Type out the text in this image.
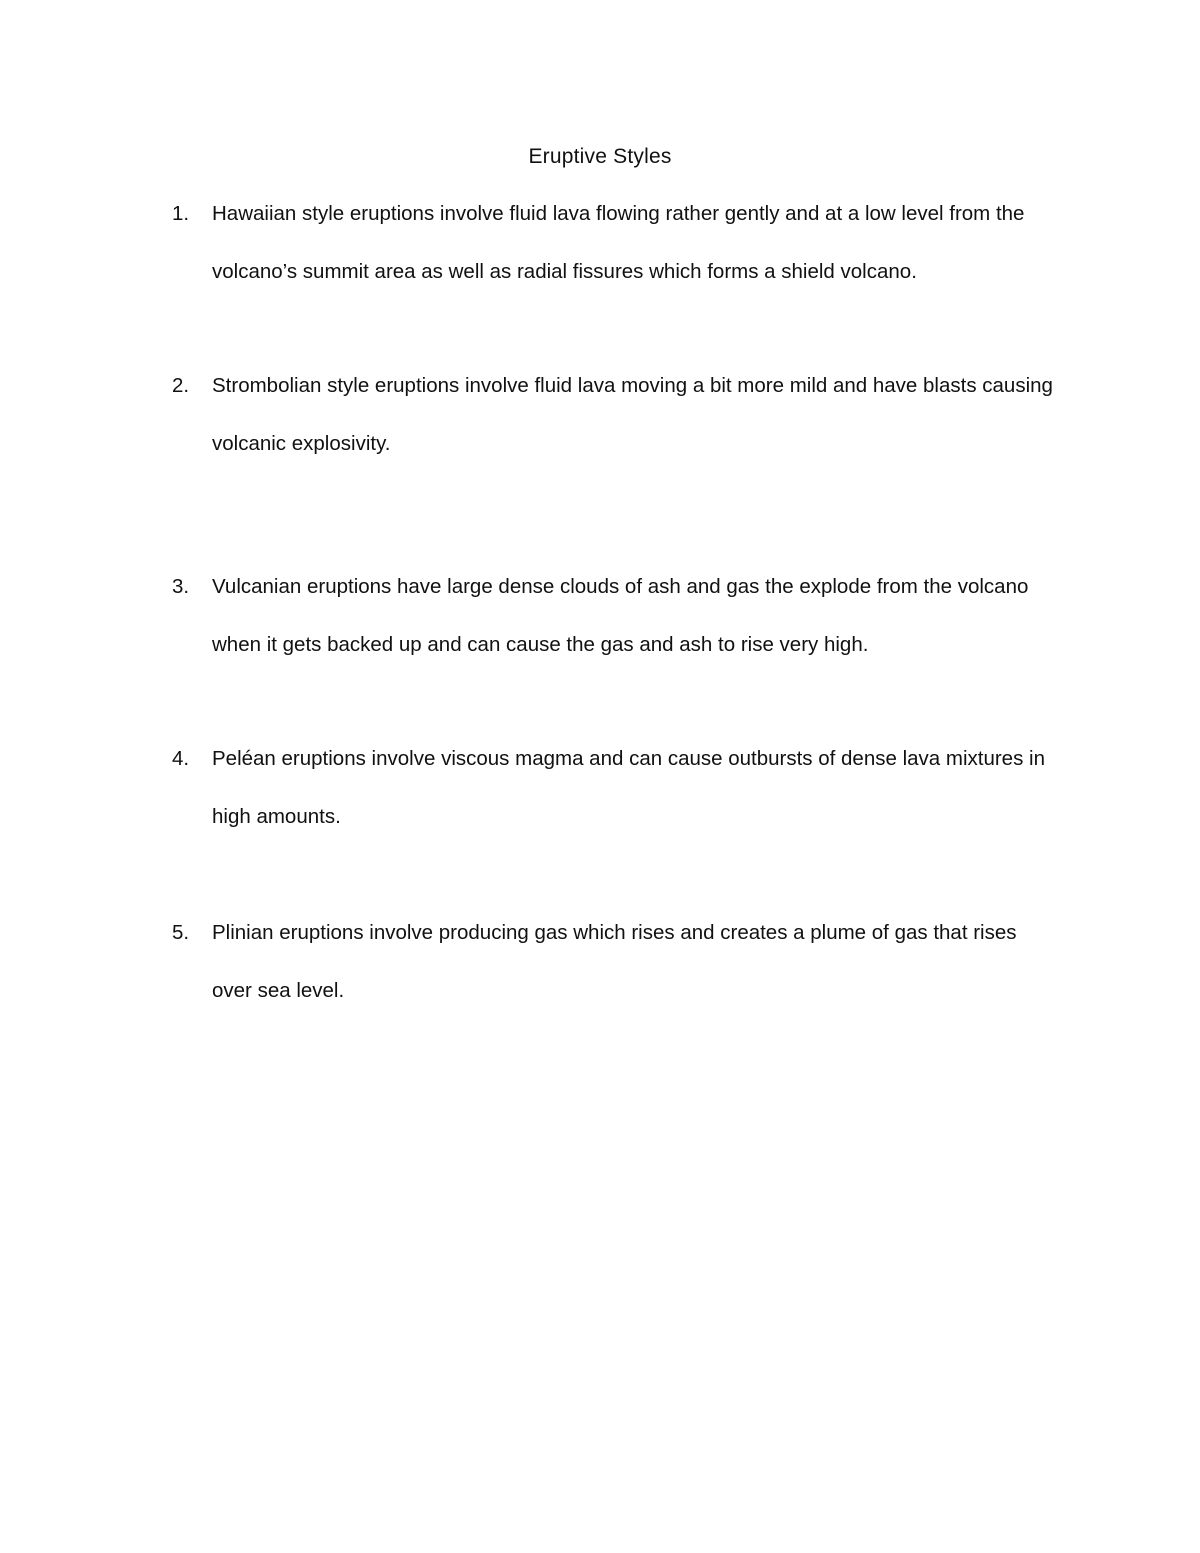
Eruptive Styles
1.	Hawaiian style eruptions involve fluid lava flowing rather gently and at a low level from the volcano’s summit area as well as radial fissures which forms a shield volcano.
2.	Strombolian style eruptions involve fluid lava moving a bit more mild and have blasts causing volcanic explosivity.
3.	Vulcanian eruptions have large dense clouds of ash and gas the explode from the volcano when it gets backed up and can cause the gas and ash to rise very high.
4.	Peléan eruptions involve viscous magma and can cause outbursts of dense lava mixtures in high amounts.
5.	Plinian eruptions involve producing gas which rises and creates a plume of gas that rises over sea level.
